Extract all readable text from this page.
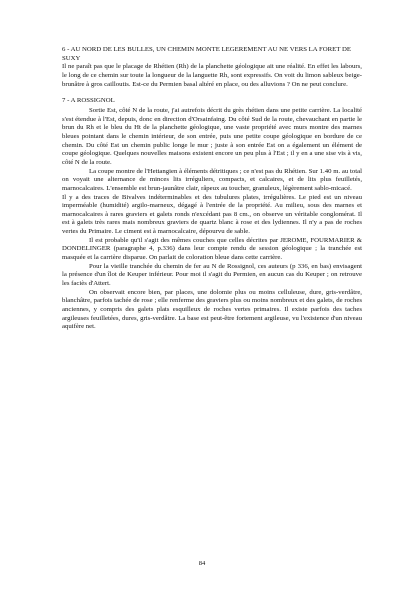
6 - AU NORD DE LES BULLES, UN CHEMIN MONTE LEGEREMENT AU NE VERS LA FORET DE SUXY

Il ne paraît pas que le placage de Rhétien (Rh) de la planchette géologique ait une réalité. En effet les labours, le long de ce chemin sur toute la longueur de la languette Rh, sont expressifs. On voit du limon sableux beige-brunâtre à gros cailloutis. Est-ce du Permien basal altéré en place, ou des alluvions ? On ne peut conclure.

7 - A ROSSIGNOL

Sortie Est, côté N de la route, j'ai autrefois décrit du grès rhétien dans une petite carrière. La localité s'est étendue à l'Est, depuis, donc en direction d'Orsainfaing. Du côté Sud de la route, chevauchant en partie le brun du Rh et le bleu du Ht de la planchette géologique, une vaste propriété avec murs montre des marnes bleues pointant dans le chemin intérieur, de son entrée, puis une petite coupe géologique en bordure de ce chemin. Du côté Est un chemin public longe le mur ; juste à son entrée Est on a également un élément de coupe géologique. Quelques nouvelles maisons existent encore un peu plus à l'Est ; il y en a une sise vis à vis, côté N de la route.

La coupe montre de l'Hettangien à éléments détritiques ; ce n'est pas du Rhétien. Sur 1.40 m. au total on voyait une alternance de minces lits irréguliers, compacts, et calcaires, et de lits plus feuilletés, marnocalcaires. L'ensemble est brun-jaunâtre clair, râpeux au toucher, granuleux, légèrement sablo-micacé.

Il y a des traces de Bivalves indéterminables et des tubulures plates, irrégulières. Le pied est un niveau imperméable (humidité) argilo-marneux, dégagé à l'entrée de la propriété. Au milieu, sous des marnes et marnocalcaires à rares graviers et galets ronds n'excédant pas 8 cm., on observe un véritable conglomérat. Il est à galets très rares mais nombreux graviers de quartz blanc à rose et des lydiennes. Il n'y a pas de roches vertes du Primaire. Le ciment est à marnocalcaire, dépourvu de sable.

Il est probable qu'il s'agit des mêmes couches que celles décrites par JEROME, FOURMARIER & DONDELINGER (paragraphe 4, p.336) dans leur compte rendu de session géologique ; la tranchée est masquée et la carrière disparue. On parlait de coloration bleue dans cette carrière.

Pour la vieille tranchée du chemin de fer au N de Rossignol, ces auteurs (p 336, en bas) envisagent la présence d'un îlot de Keuper inférieur. Pour moi il s'agit du Permien, en aucun cas du Keuper ; on retrouve les faciès d'Attert.

On observait encore bien, par places, une dolomie plus ou moins celluleuse, dure, gris-verdâtre, blanchâtre, parfois tachée de rose ; elle renferme des graviers plus ou moins nombreux et des galets, de roches anciennes, y compris des galets plats esquilleux de roches vertes primaires. Il existe parfois des taches argileuses feuilletées, dures, gris-verdâtre. La base est peut-être fortement argileuse, vu l'existence d'un niveau aquifère net.

84
